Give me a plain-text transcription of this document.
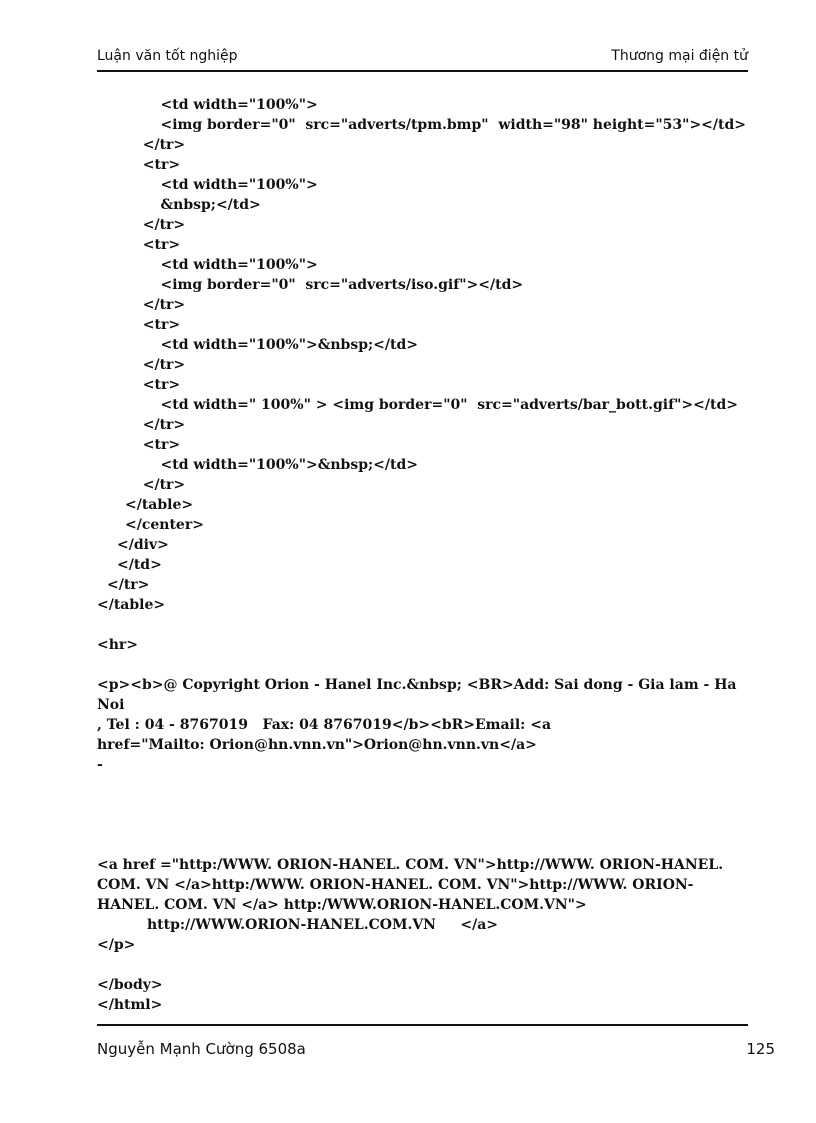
Luận văn tốt nghiệp	Thương mại điện tử
<td width="100%">
<img border="0"  src="adverts/tpm.bmp"  width="98" height="53"></td>
</tr>
<tr>
<td width="100%">
&nbsp;</td>
</tr>
<tr>
<td width="100%">
<img border="0"  src="adverts/iso.gif"></td>
</tr>
<tr>
<td width="100%">&nbsp;</td>
</tr>
<tr>
<td width=" 100%" > <img border="0"  src="adverts/bar_bott.gif"></td>
</tr>
<tr>
<td width="100%">&nbsp;</td>
</tr>
</table>
</center>
</div>
</td>
</tr>
</table>
<hr>
<p><b>@ Copyright Orion - Hanel Inc.&nbsp; <BR>Add: Sai dong - Gia lam - Ha Noi
, Tel : 04 - 8767019   Fax: 04 8767019</b><bR>Email: <a
href="Mailto: Orion@hn.vnn.vn">Orion@hn.vnn.vn</a>
-
<a href ="http:/WWW. ORION-HANEL. COM. VN">http://WWW. ORION-HANEL. COM. VN </a>http:/WWW. ORION-HANEL. COM. VN">http://WWW. ORION-HANEL. COM. VN </a> http:/WWW.ORION-HANEL.COM.VN">
http://WWW.ORION-HANEL.COM.VN     </a>
</p>
</body>
</html>
Nguyễn Mạnh Cường 6508a	125
